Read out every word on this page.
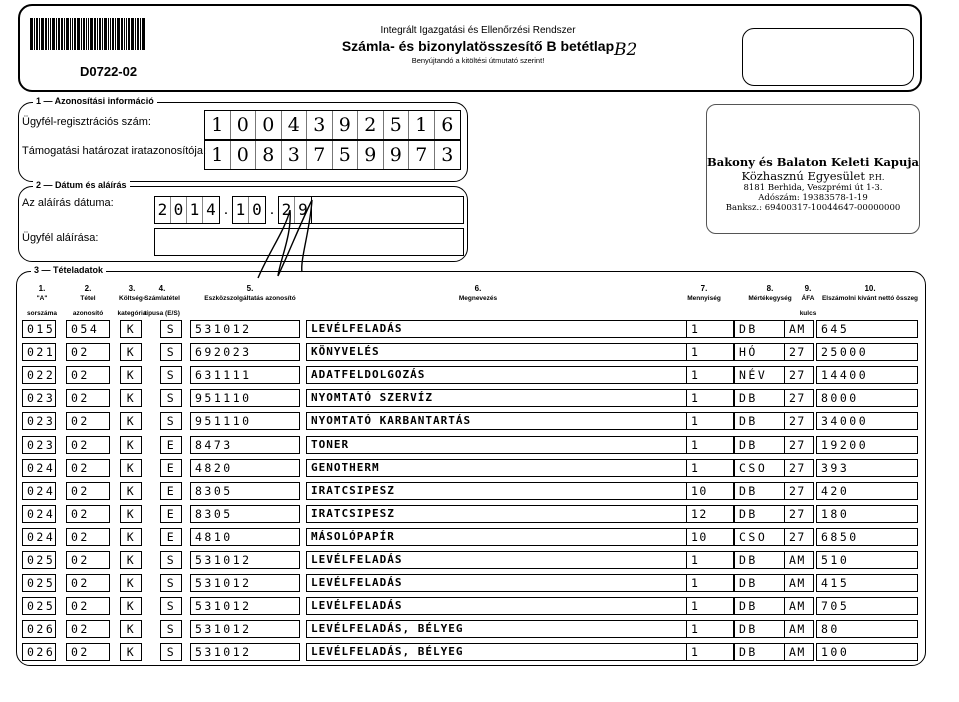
D0722-02
Integrált Igazgatási és Ellenőrzési Rendszer
Számla- és bizonylatösszesítő B betétlap
Benyújtandó a kitöltési útmutató szerint!
B2
1 — Azonosítási információ
Ügyfél-regisztrációs szám:	1 0 0 4 3 9 2 5 1 6
Támogatási határozat iratazonosítója: 1 0 8 3 7 5 9 9 7 3
2 — Dátum és aláírás
Az aláírás dátuma:	2 0 1 4 . 1 0 . 2 9
Ügyfél aláírása:
Bakony és Balaton Keleti Kapuja
Közhasznú Egyesület P.H.
8181 Berhida, Veszprémi út 1-3.
Adószám: 19383578-1-19
Banksz.: 69400317-10044647-00000000
3 — Tételadatok
1.
"A"
sorszáma
2.
Tétel
azonosító
3.
Költség-
kategória
4.
Számlatétel
típusa (E/S)
5.
Eszközszolgáltatás azonosító
6.
Megnevezés
7.
Mennyiség
8.
Mértékegység
9.
ÁFA
kulcs
10.
Elszámolni kívánt nettó összeg
015	054	K	S	531012	LEVÉLFELADÁS	1	DB	AM	645
021	02	K	S	692023	KÖNYVELÉS	1	HÓ	27	25000
022	02	K	S	631111	ADATFELDOLGOZÁS	1	NÉV	27	14400
023	02	K	S	951110	NYOMTATÓ SZERVÍZ	1	DB	27	8000
023	02	K	S	951110	NYOMTATÓ KARBANTARTÁS	1	DB	27	34000
023	02	K	E	8473	TONER	1	DB	27	19200
024	02	K	E	4820	GENOTHERM	1	CSO	27	393
024	02	K	E	8305	IRATCSIPESZ	10	DB	27	420
024	02	K	E	8305	IRATCSIPESZ	12	DB	27	180
024	02	K	E	4810	MÁSOLÓPAPÍR	10	CSO	27	6850
025	02	K	S	531012	LEVÉLFELADÁS	1	DB	AM	510
025	02	K	S	531012	LEVÉLFELADÁS	1	DB	AM	415
025	02	K	S	531012	LEVÉLFELADÁS	1	DB	AM	705
026	02	K	S	531012	LEVÉLFELADÁS, BÉLYEG	1	DB	AM	80
026	02	K	S	531012	LEVÉLFELADÁS, BÉLYEG	1	DB	AM	100
